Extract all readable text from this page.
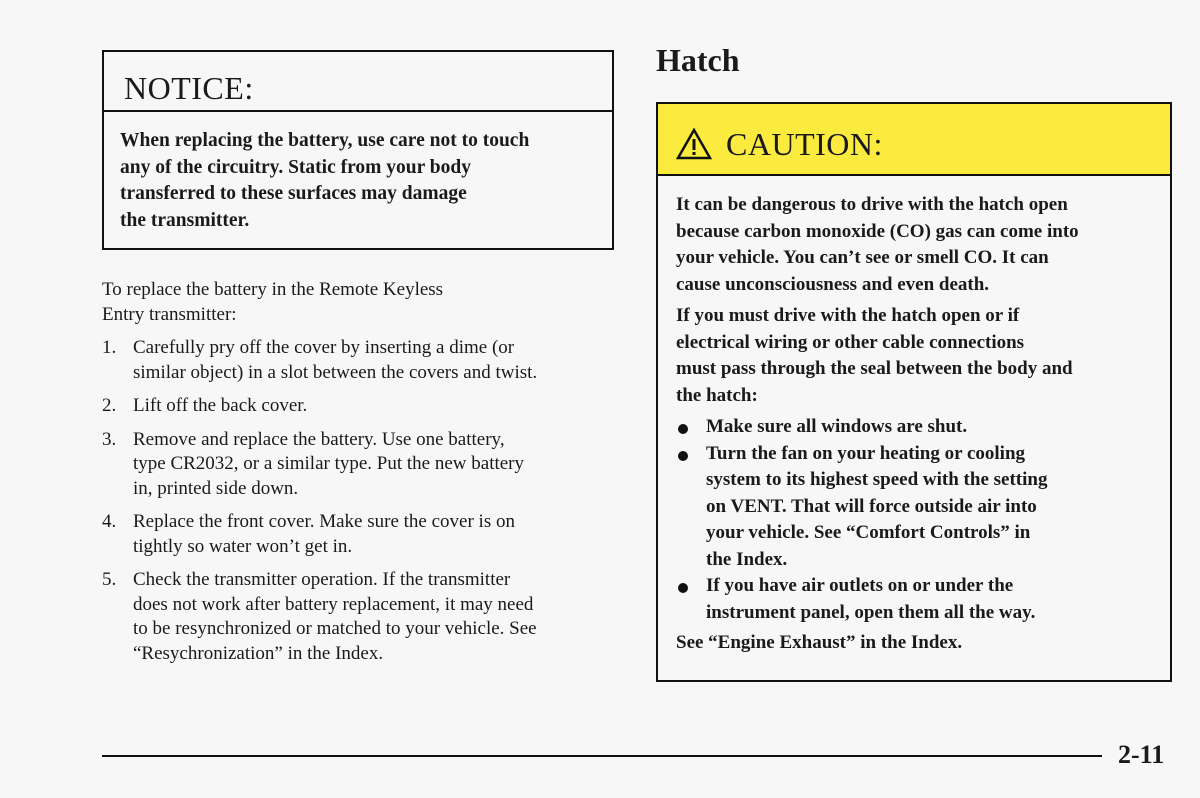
NOTICE:
When replacing the battery, use care not to touch
any of the circuitry. Static from your body
transferred to these surfaces may damage
the transmitter.
To replace the battery in the Remote Keyless
Entry transmitter:
1. Carefully pry off the cover by inserting a dime (or
similar object) in a slot between the covers and twist.
2. Lift off the back cover.
3. Remove and replace the battery. Use one battery,
type CR2032, or a similar type. Put the new battery
in, printed side down.
4. Replace the front cover. Make sure the cover is on
tightly so water won’t get in.
5. Check the transmitter operation. If the transmitter
does not work after battery replacement, it may need
to be resynchronized or matched to your vehicle. See
“Resychronization” in the Index.
Hatch
CAUTION:
It can be dangerous to drive with the hatch open
because carbon monoxide (CO) gas can come into
your vehicle. You can’t see or smell CO. It can
cause unconsciousness and even death.
If you must drive with the hatch open or if
electrical wiring or other cable connections
must pass through the seal between the body and
the hatch:
Make sure all windows are shut.
Turn the fan on your heating or cooling
system to its highest speed with the setting
on VENT. That will force outside air into
your vehicle. See “Comfort Controls” in
the Index.
If you have air outlets on or under the
instrument panel, open them all the way.
See “Engine Exhaust” in the Index.
2-11
